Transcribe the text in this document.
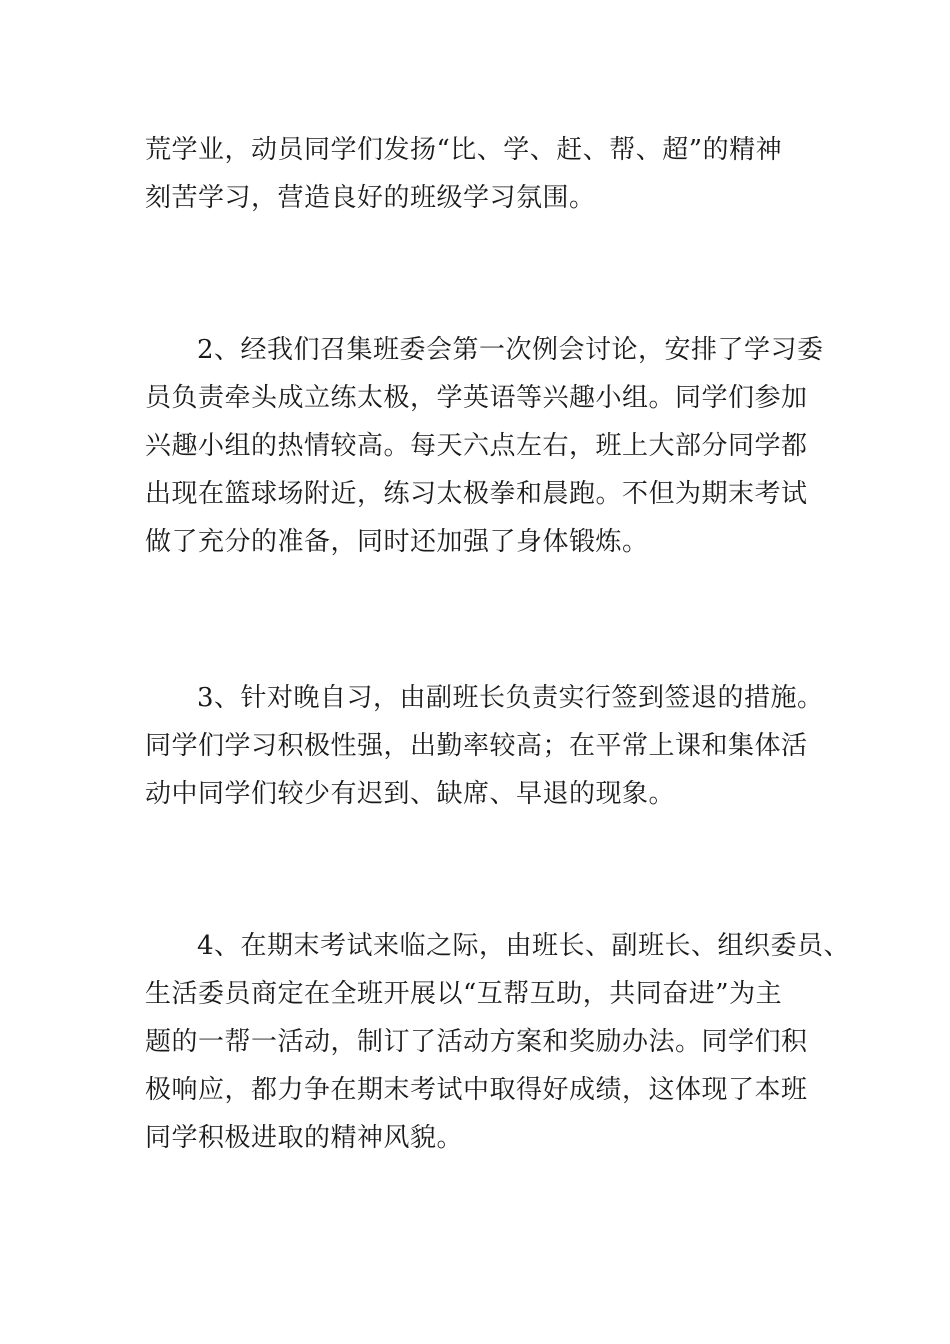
荒学业，动员同学们发扬“比、学、赶、帮、超”的精神
刻苦学习，营造良好的班级学习氛围。
2、经我们召集班委会第一次例会讨论，安排了学习委
员负责牵头成立练太极，学英语等兴趣小组。同学们参加
兴趣小组的热情较高。每天六点左右，班上大部分同学都
出现在篮球场附近，练习太极拳和晨跑。不但为期末考试
做了充分的准备，同时还加强了身体锻炼。
3、针对晚自习，由副班长负责实行签到签退的措施。
同学们学习积极性强，出勤率较高；在平常上课和集体活
动中同学们较少有迟到、缺席、早退的现象。
4、在期末考试来临之际，由班长、副班长、组织委员、
生活委员商定在全班开展以“互帮互助，共同奋进”为主
题的一帮一活动，制订了活动方案和奖励办法。同学们积
极响应，都力争在期末考试中取得好成绩，这体现了本班
同学积极进取的精神风貌。
